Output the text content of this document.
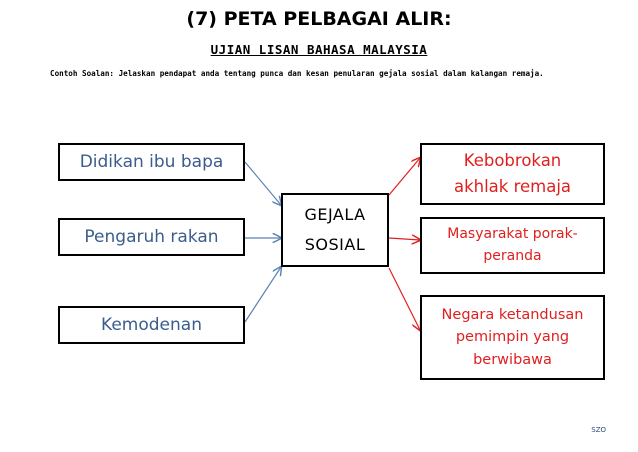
(7) PETA PELBAGAI ALIR:
UJIAN LISAN BAHASA MALAYSIA
Contoh Soalan: Jelaskan pendapat anda tentang punca dan kesan penularan gejala sosial dalam kalangan remaja.
Didikan ibu bapa
Pengaruh rakan
Kemodenan
GEJALA
SOSIAL
Kebobrokan
akhlak remaja
Masyarakat porak-
peranda
Negara ketandusan
pemimpin yang
berwibawa
SZO
